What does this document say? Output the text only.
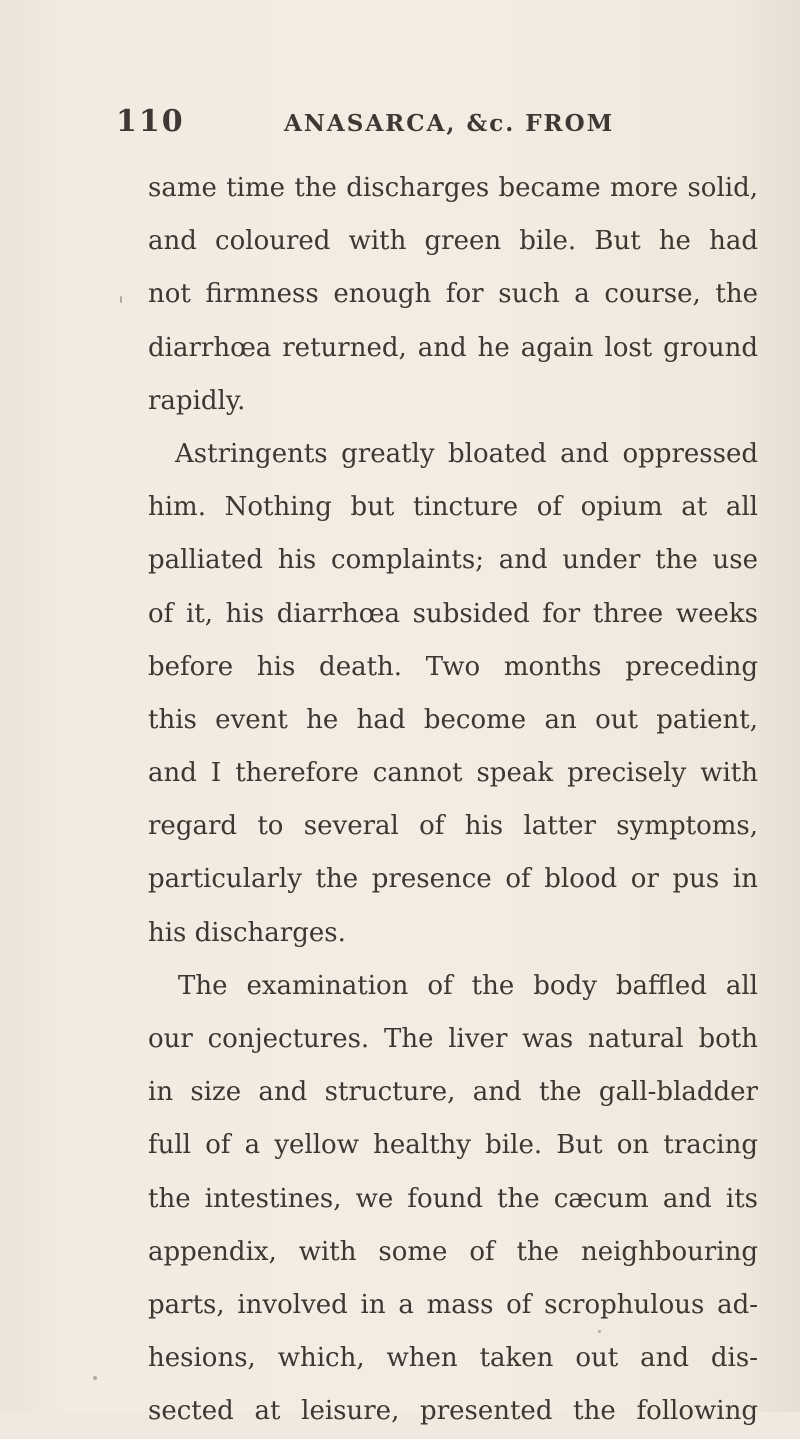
110	ANASARCA, &c. FROM
same time the discharges became more solid,
and coloured with green bile. But he had
not firmness enough for such a course, the
diarrhœa returned, and he again lost ground
rapidly.
Astringents greatly bloated and oppressed
him. Nothing but tincture of opium at all
palliated his complaints; and under the use
of it, his diarrhœa subsided for three weeks
before his death. Two months preceding
this event he had become an out patient,
and I therefore cannot speak precisely with
regard to several of his latter symptoms,
particularly the presence of blood or pus in
his discharges.
The examination of the body baffled all
our conjectures. The liver was natural both
in size and structure, and the gall-bladder
full of a yellow healthy bile. But on tracing
the intestines, we found the cæcum and its
appendix, with some of the neighbouring
parts, involved in a mass of scrophulous ad-
hesions, which, when taken out and dis-
sected at leisure, presented the following
